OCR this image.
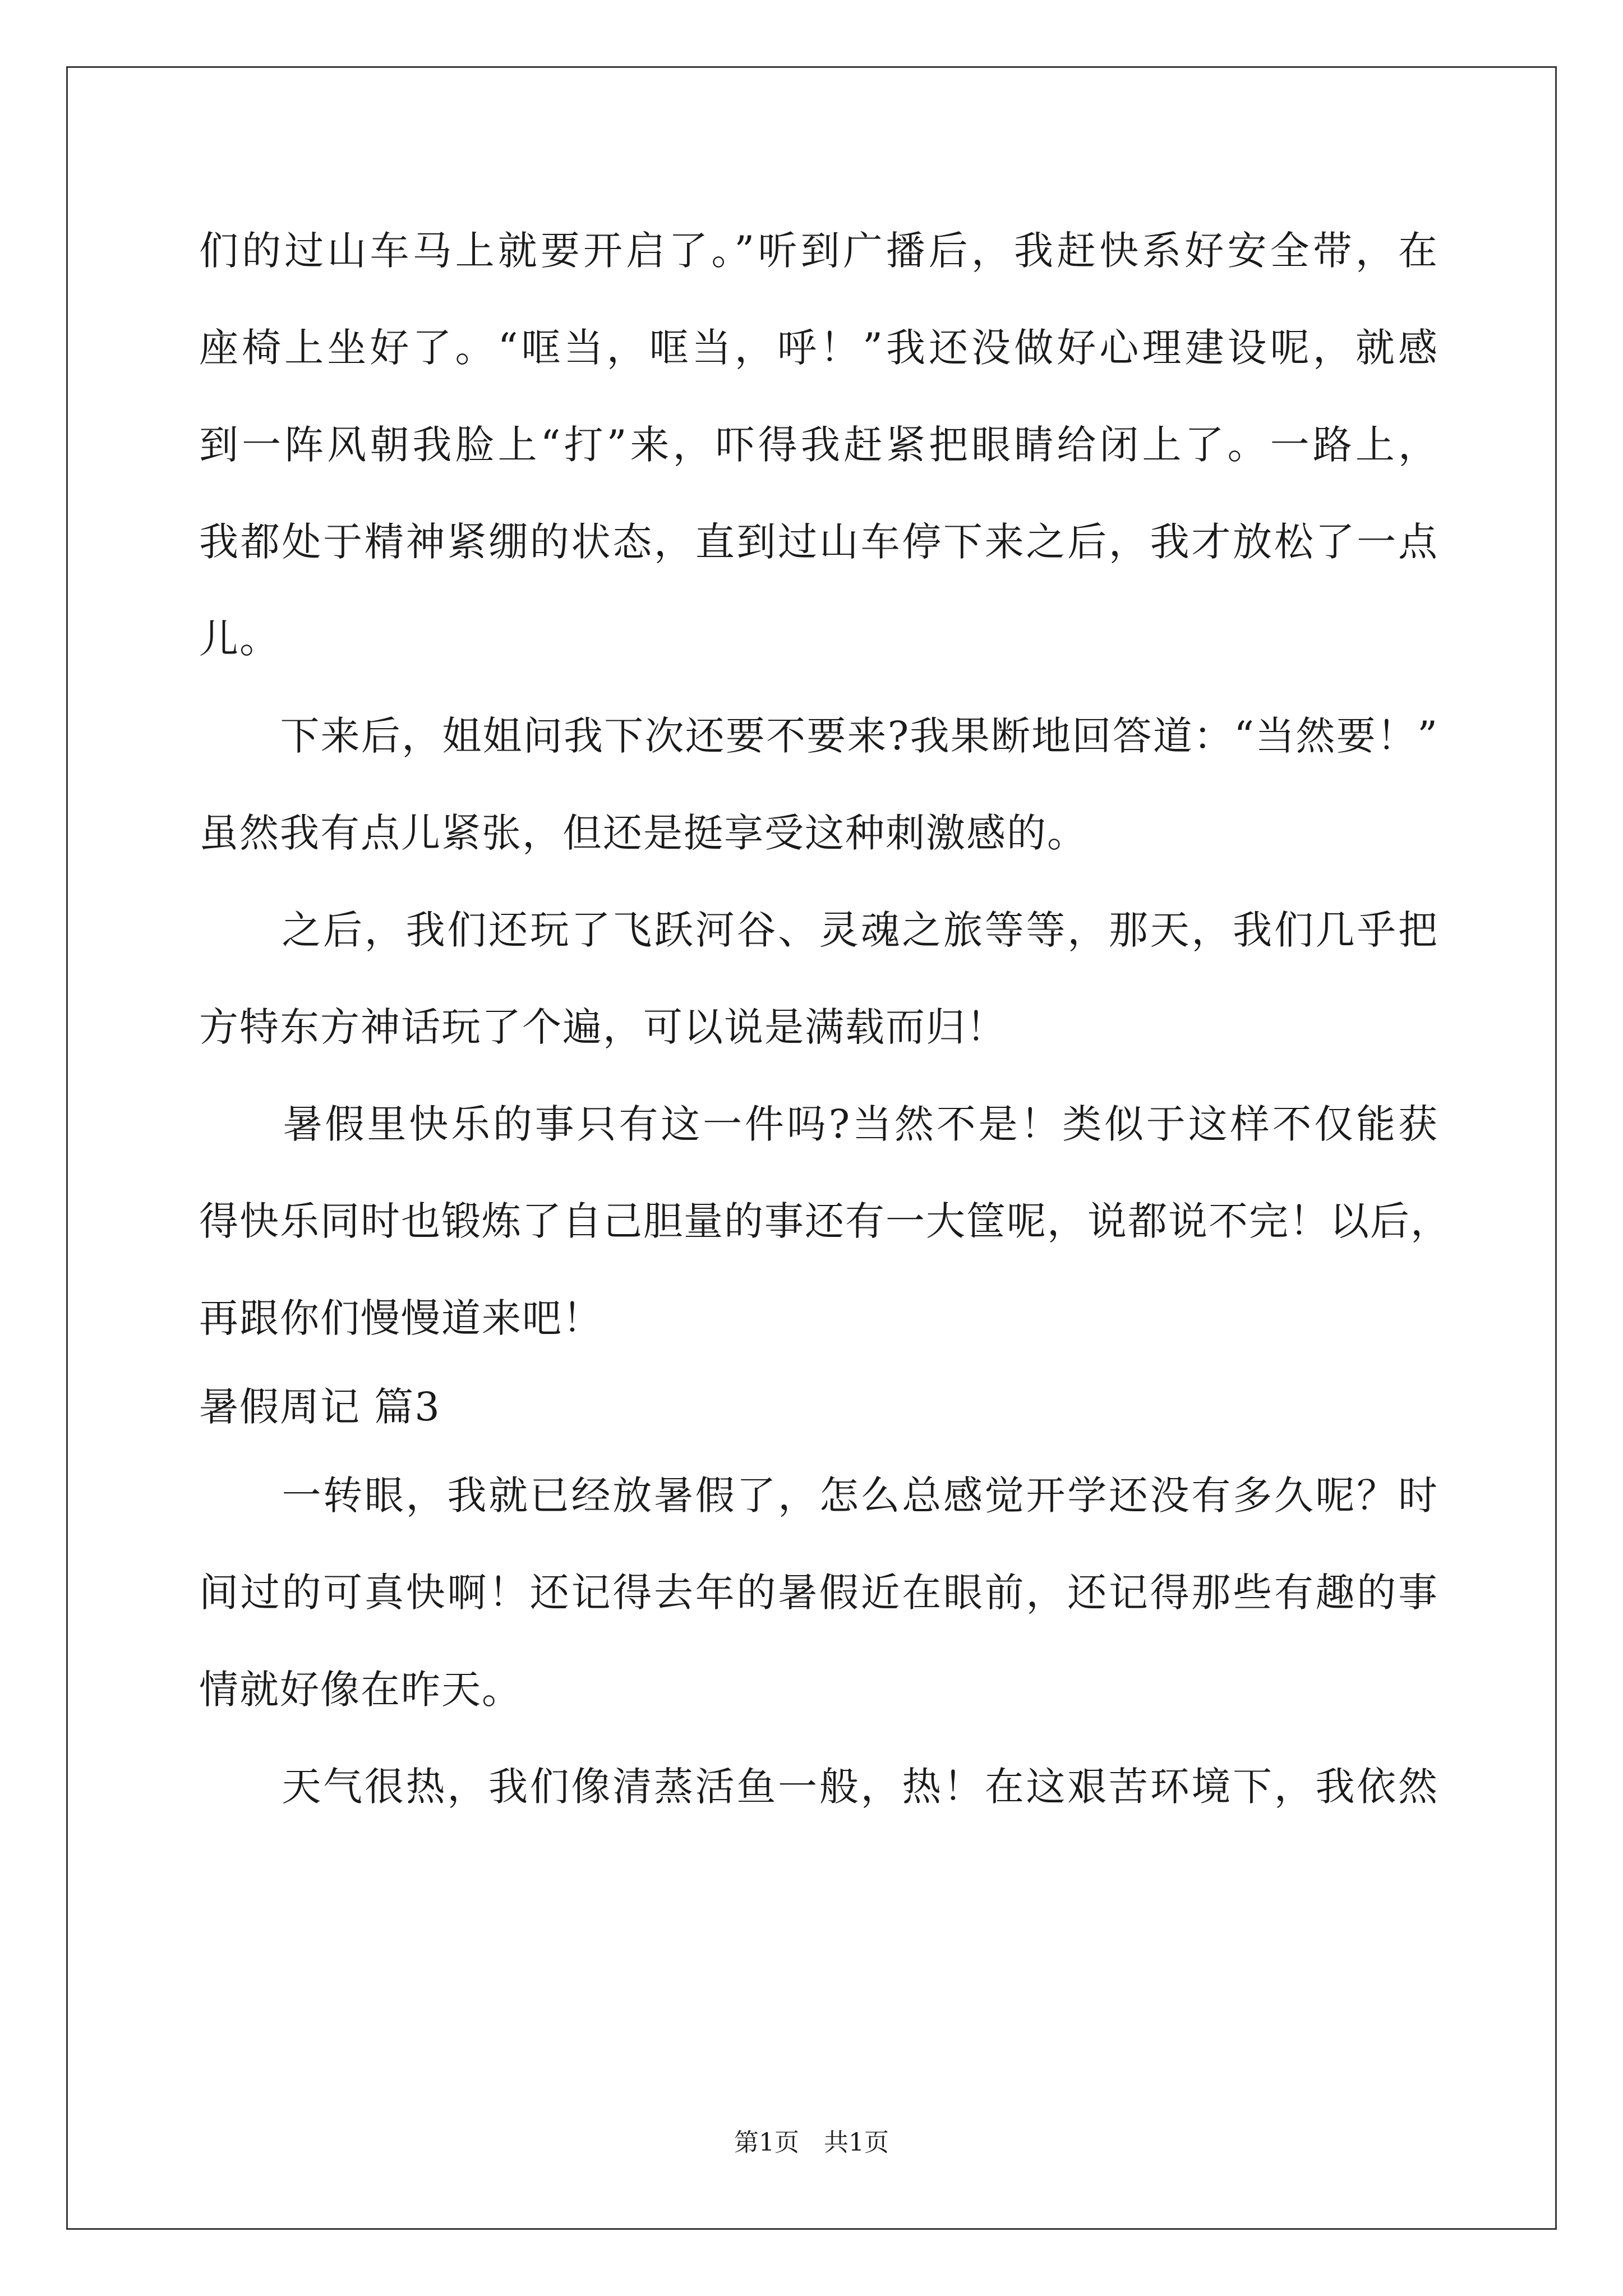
们的过山车马上就要开启了。”听到广播后，我赶快系好安全带，在
座椅上坐好了。“哐当，哐当，呼！”我还没做好心理建设呢，就感
到一阵风朝我脸上“打”来，吓得我赶紧把眼睛给闭上了。一路上，
我都处于精神紧绷的状态，直到过山车停下来之后，我才放松了一点
儿。
　　下来后，姐姐问我下次还要不要来?我果断地回答道：“当然要！”
虽然我有点儿紧张，但还是挺享受这种刺激感的。
　　之后，我们还玩了飞跃河谷、灵魂之旅等等，那天，我们几乎把
方特东方神话玩了个遍，可以说是满载而归！
　　暑假里快乐的事只有这一件吗?当然不是！类似于这样不仅能获
得快乐同时也锻炼了自己胆量的事还有一大筐呢，说都说不完！以后，
再跟你们慢慢道来吧！
暑假周记 篇3
　　一转眼，我就已经放暑假了，怎么总感觉开学还没有多久呢？时
间过的可真快啊！还记得去年的暑假近在眼前，还记得那些有趣的事
情就好像在昨天。
　　天气很热，我们像清蒸活鱼一般，热！在这艰苦环境下，我依然
第1页　共1页
